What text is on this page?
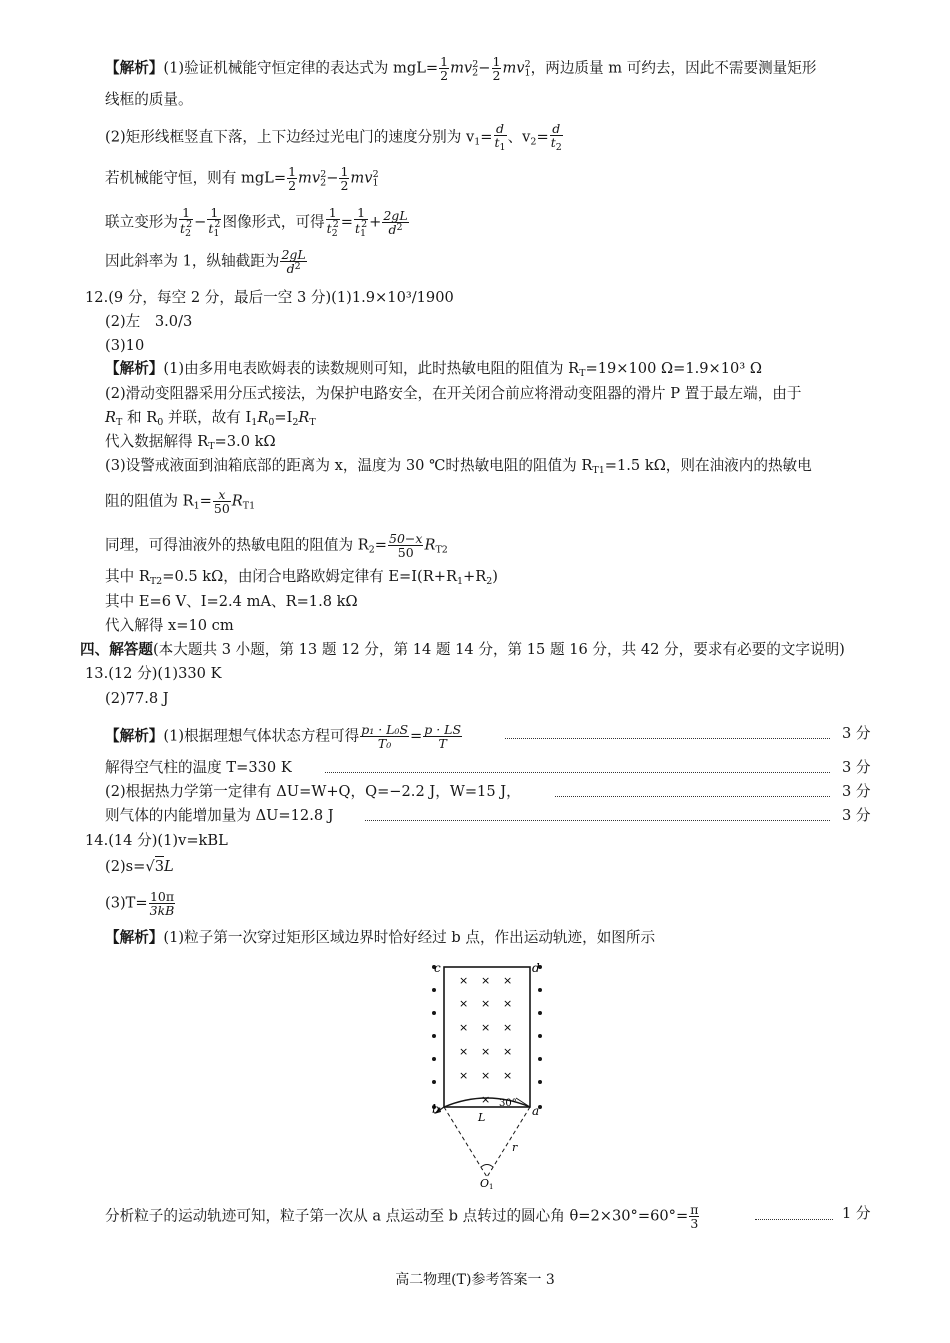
【解析】(1)验证机械能守恒定律的表达式为 $mgL= \frac{1}{2} mv_2^2- \frac{1}{2} mv_1^2$，两边质量 m 可约去，因此不需要测量矩形
线框的质量。
(2)矩形线框竖直下落，上下边经过光电门的速度分别为 $v_1= \frac{d}{t_1}$ 、$v_2= \frac{d}{t_2}$
若机械能守恒，则有 $mgL= \frac{1}{2} mv_2^2- \frac{1}{2} mv_1^2$
联立变形为 $\frac{1}{t_2^2} - \frac{1}{t_1^2}$ 图像形式，可得 $\frac{1}{t_2^2} = \frac{1}{t_1^2} + \frac{2gL}{d^2}$
因此斜率为 1，纵轴截距为 $\frac{2gL}{d^2}$
12.(9 分，每空 2 分，最后一空 3 分)(1)1.9×10³/1900
(2)左　3.0/3
(3)10
【解析】(1)由多用电表欧姆表的读数规则可知，此时热敏电阻的阻值为 $R_T=19\times 100$ Ω=1.9×10³ Ω
(2)滑动变阻器采用分压式接法，为保护电路安全，在开关闭合前应将滑动变阻器的滑片 P 置于最左端，由于
$R_T$ 和 $R_0$ 并联，故有 $I_1R_0=I_2R_T$
代入数据解得 $R_T=3.0$ kΩ
(3)设警戒液面到油箱底部的距离为 x，温度为 30 ℃时热敏电阻的阻值为 $R_{T1}=1.5$ kΩ，则在油液内的热敏电
阻的阻值为 $R_1= \frac{x}{50} R_{T1}$
同理，可得油液外的热敏电阻的阻值为 $R_2= \frac{50-x}{50} R_{T2}$
其中 $R_{T2}=0.5$ kΩ，由闭合电路欧姆定律有 $E=I(R+R_1+R_2)$
其中 E=6 V、I=2.4 mA、R=1.8 kΩ
代入解得 x=10 cm
四、解答题(本大题共 3 小题，第 13 题 12 分，第 14 题 14 分，第 15 题 16 分，共 42 分，要求有必要的文字说明)
13.(12 分)(1)330 K
(2)77.8 J
【解析】(1)根据理想气体状态方程可得 $\frac{\text{p₁ · L₀S}}{\text{T₀}} = \frac{p \cdot LS}{T}$	3 分
解得空气柱的温度 T=330 K	3 分
(2)根据热力学第一定律有 ΔU=W+Q，Q=−2.2 J，W=15 J，	3 分
则气体的内能增加量为 ΔU=12.8 J	3 分
14.(14 分)(1)v=kBL
(2)s=√3L
$(3)T= \frac{10\pi}{3kB}$
【解析】(1)粒子第一次穿过矩形区域边界时恰好经过 b 点，作出运动轨迹，如图所示
× × ×
× × ×
× × ×
× × ×
× × ×
×
c	d
b	a
L
30°
r
O 1
分析粒子的运动轨迹可知，粒子第一次从 a 点运动至 b 点转过的圆心角 $\theta=2\times 30^\circ=60^\circ= \frac{\pi}{3}$	1 分
高二物理(T)参考答案一 3
